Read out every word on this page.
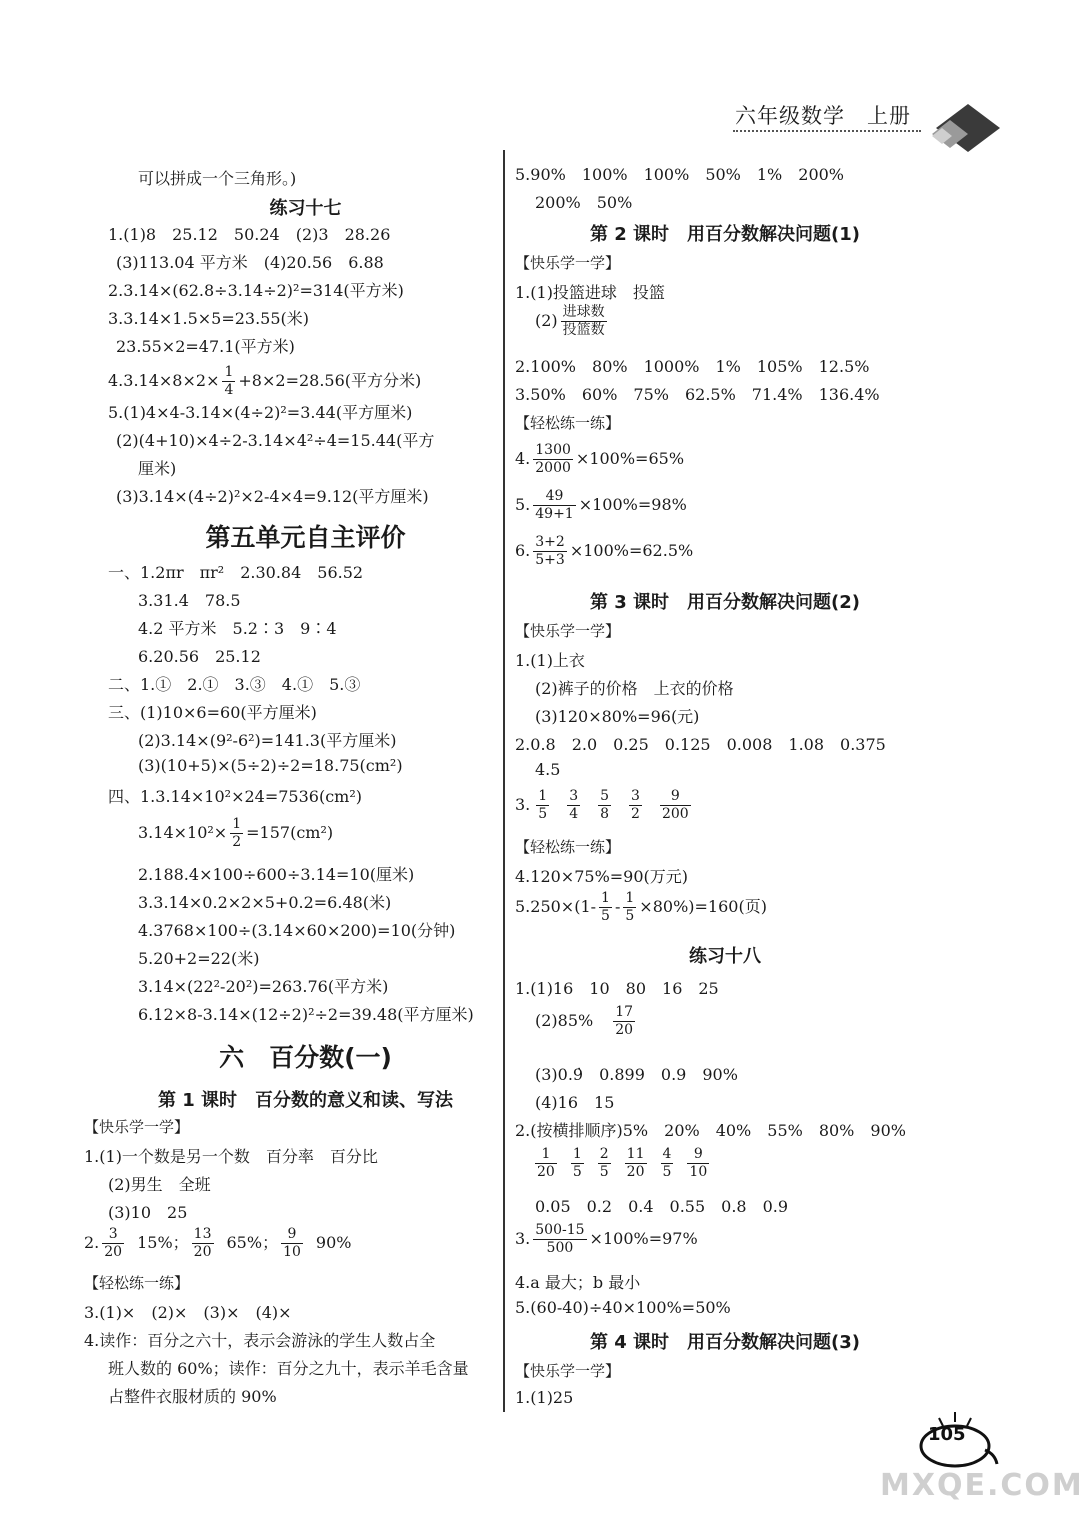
六年级数学　上册
可以拼成一个三角形。)
练习十七
1.(1)8　25.12　50.24　(2)3　28.26
(3)113.04 平方米　(4)20.56　6.88
2.3.14×(62.8÷3.14÷2)²=314(平方米)
3.3.14×1.5×5=23.55(米)
23.55×2=47.1(平方米)
5.(1)4×4-3.14×(4÷2)²=3.44(平方厘米)
(2)(4+10)×4÷2-3.14×4²÷4=15.44(平方
厘米)
(3)3.14×(4÷2)²×2-4×4=9.12(平方厘米)
第五单元自主评价
一、1.2πr　πr²　2.30.84　56.52
3.31.4　78.5
4.2 平方米　5.2∶3　9∶4
6.20.56　25.12
二、1.①　2.①　3.③　4.①　5.③
三、(1)10×6=60(平方厘米)
(2)3.14×(9²-6²)=141.3(平方厘米)
(3)(10+5)×(5÷2)÷2=18.75(cm²)
四、1.3.14×10²×24=7536(cm²)
2.188.4×100÷600÷3.14=10(厘米)
3.3.14×0.2×2×5+0.2=6.48(米)
4.3768×100÷(3.14×60×200)=10(分钟)
5.20+2=22(米)
3.14×(22²-20²)=263.76(平方米)
6.12×8-3.14×(12÷2)²÷2=39.48(平方厘米)
六　百分数(一)
第 1 课时　百分数的意义和读、写法
【快乐学一学】
1.(1)一个数是另一个数　百分率　百分比
(2)男生　全班
(3)10　25
【轻松练一练】
3.(1)×　(2)×　(3)×　(4)×
4.读作：百分之六十，表示会游泳的学生人数占全
班人数的 60%；读作：百分之九十，表示羊毛含量
占整件衣服材质的 90%
$4.3.14\times 8\times 2\times \frac{1}{4} +8\times 2=28.56$(平方分米)
$3.14\times 10^2\times \frac{1}{2} =157(cm^2)$
2. $\frac{3}{20} 15\%$； $\frac{13}{20} 65\%$； $\frac{9}{10} 90\%$
5.90%　100%　100%　50%　1%　200%
200%　50%
第 2 课时　用百分数解决问题(1)
【快乐学一学】
1.(1)投篮进球　投篮
2.100%　80%　1000%　1%　105%　12.5%
3.50%　60%　75%　62.5%　71.4%　136.4%
【轻松练一练】
第 3 课时　用百分数解决问题(2)
【快乐学一学】
1.(1)上衣
(2)裤子的价格　上衣的价格
(3)120×80%=96(元)
2.0.8　2.0　0.25　0.125　0.008　1.08　0.375
4.5
【轻松练一练】
4.120×75%=90(万元)
练习十八
1.(1)16　10　80　16　25
(3)0.9̇　0.899　0.9　90%
(4)16　15
2.(按横排顺序)5%　20%　40%　55%　80%　90%
0.05　0.2　0.4　0.55　0.8　0.9
4.a 最大；b 最小
5.(60-40)÷40×100%=50%
第 4 课时　用百分数解决问题(3)
【快乐学一学】
1.(1)25
$(2) \frac{\text{进球数}}{\text{投篮数}}$
4. $\frac{1300}{2000} \times 100\%=65\%$
5. $\frac{49}{49+1} \times 100\%=98\%$
6. $\frac{3+2}{5+3} \times 100\%=62.5\%$
3. $\frac{1}{5} \frac{3}{4} \frac{5}{8} \frac{3}{2} \frac{9}{200}$
$5.250\times(1- \frac{1}{5} - \frac{1}{5} \times 80\%)=160$(页)
$(2)85\% \frac{17}{20}$
$\frac{1}{20} \frac{1}{5} \frac{2}{5} \frac{11}{20} \frac{4}{5} \frac{9}{10}$
3. $\frac{500-15}{500} \times 100\%=97\%$
105
MXQE.COM
